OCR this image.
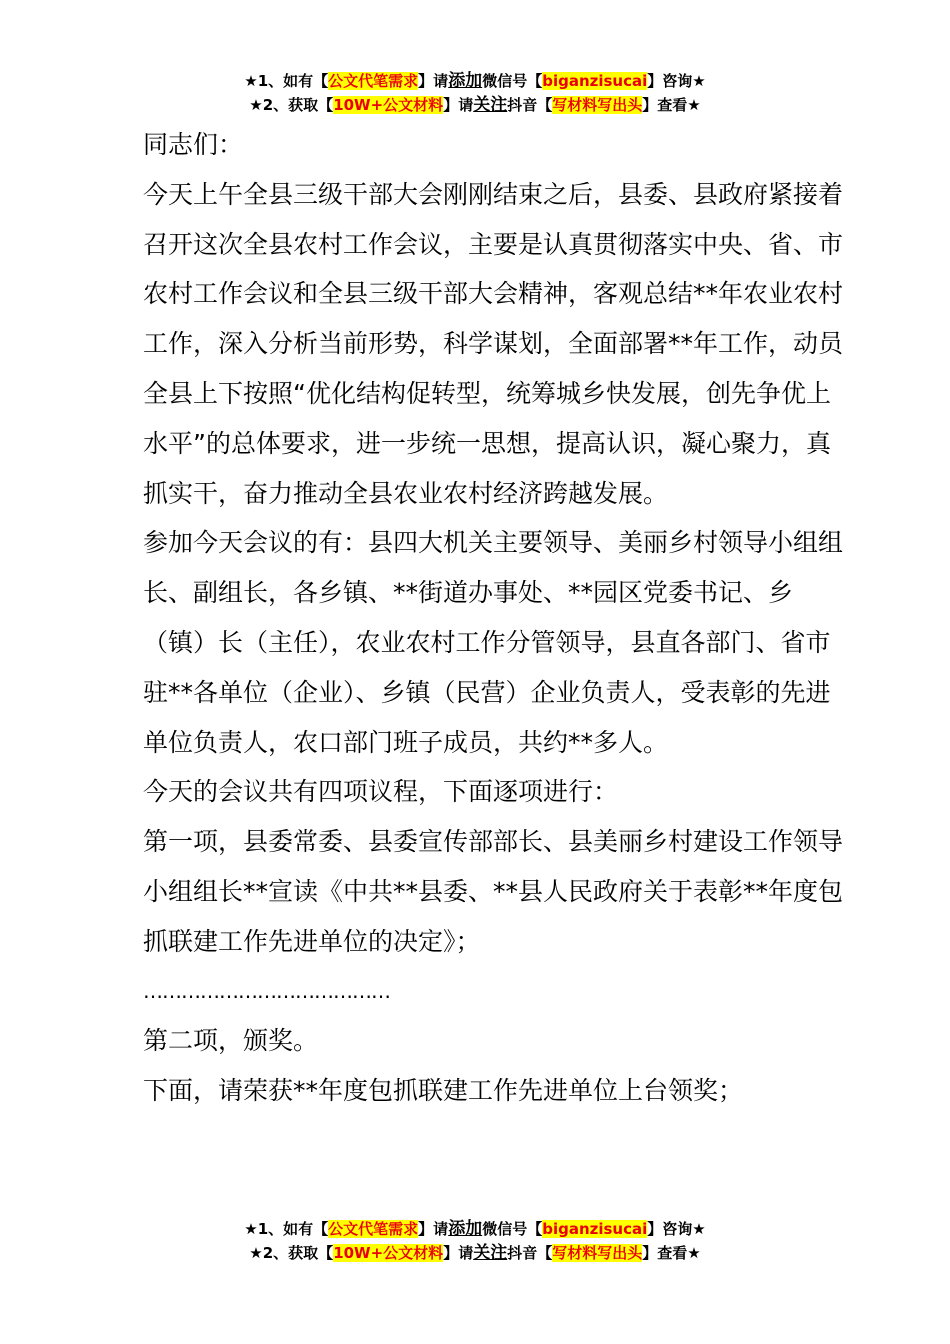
★1、如有【公文代笔需求】请添加微信号【biganzisucai】咨询★
★2、获取【10W+公文材料】请关注抖音【写材料写出头】查看★

同志们：

今天上午全县三级干部大会刚刚结束之后，县委、县政府紧接着召开这次全县农村工作会议，主要是认真贯彻落实中央、省、市农村工作会议和全县三级干部大会精神，客观总结**年农业农村工作，深入分析当前形势，科学谋划，全面部署**年工作，动员全县上下按照“优化结构促转型，统筹城乡快发展，创先争优上水平”的总体要求，进一步统一思想，提高认识，凝心聚力，真抓实干，奋力推动全县农业农村经济跨越发展。

参加今天会议的有：县四大机关主要领导、美丽乡村领导小组组长、副组长，各乡镇、**街道办事处、**园区党委书记、乡（镇）长（主任），农业农村工作分管领导，县直各部门、省市驻**各单位（企业）、乡镇（民营）企业负责人，受表彰的先进单位负责人，农口部门班子成员，共约**多人。

今天的会议共有四项议程，下面逐项进行：

第一项，县委常委、县委宣传部部长、县美丽乡村建设工作领导小组组长**宣读《中共**县委、**县人民政府关于表彰**年度包抓联建工作先进单位的决定》；

…………………………………

第二项，颁奖。

下面，请荣获**年度包抓联建工作先进单位上台领奖；

★1、如有【公文代笔需求】请添加微信号【biganzisucai】咨询★
★2、获取【10W+公文材料】请关注抖音【写材料写出头】查看★
